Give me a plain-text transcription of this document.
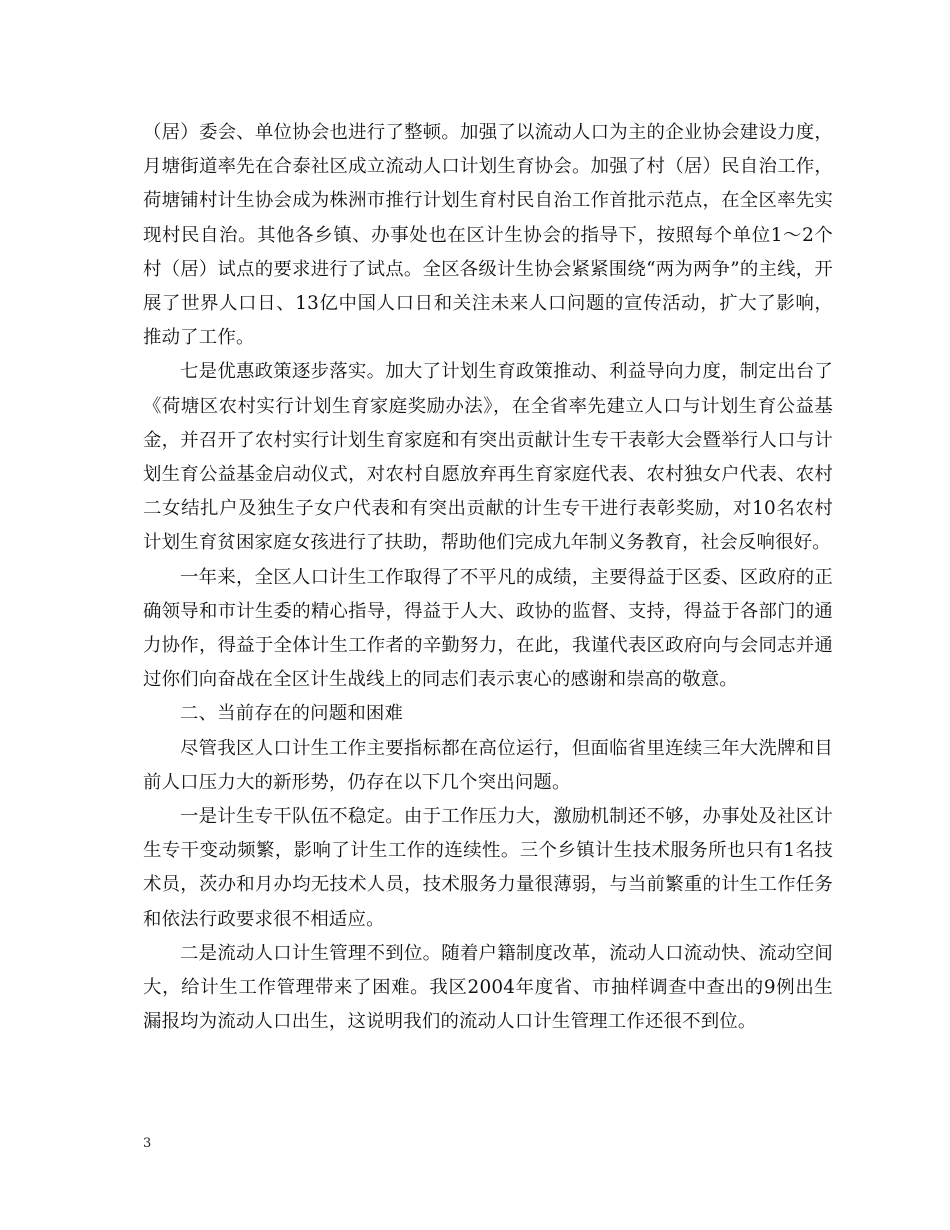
（居）委会、单位协会也进行了整顿。加强了以流动人口为主的企业协会建设力度，月塘街道率先在合泰社区成立流动人口计划生育协会。加强了村（居）民自治工作，荷塘铺村计生协会成为株洲市推行计划生育村民自治工作首批示范点，在全区率先实现村民自治。其他各乡镇、办事处也在区计生协会的指导下，按照每个单位1～2个村（居）试点的要求进行了试点。全区各级计生协会紧紧围绕“两为两争”的主线，开展了世界人口日、13亿中国人口日和关注未来人口问题的宣传活动，扩大了影响，推动了工作。

七是优惠政策逐步落实。加大了计划生育政策推动、利益导向力度，制定出台了《荷塘区农村实行计划生育家庭奖励办法》，在全省率先建立人口与计划生育公益基金，并召开了农村实行计划生育家庭和有突出贡献计生专干表彰大会暨举行人口与计划生育公益基金启动仪式，对农村自愿放弃再生育家庭代表、农村独女户代表、农村二女结扎户及独生子女户代表和有突出贡献的计生专干进行表彰奖励，对10名农村计划生育贫困家庭女孩进行了扶助，帮助他们完成九年制义务教育，社会反响很好。

一年来，全区人口计生工作取得了不平凡的成绩，主要得益于区委、区政府的正确领导和市计生委的精心指导，得益于人大、政协的监督、支持，得益于各部门的通力协作，得益于全体计生工作者的辛勤努力，在此，我谨代表区政府向与会同志并通过你们向奋战在全区计生战线上的同志们表示衷心的感谢和崇高的敬意。

二、当前存在的问题和困难

尽管我区人口计生工作主要指标都在高位运行，但面临省里连续三年大洗牌和目前人口压力大的新形势，仍存在以下几个突出问题。

一是计生专干队伍不稳定。由于工作压力大，激励机制还不够，办事处及社区计生专干变动频繁，影响了计生工作的连续性。三个乡镇计生技术服务所也只有1名技术员，茨办和月办均无技术人员，技术服务力量很薄弱，与当前繁重的计生工作任务和依法行政要求很不相适应。

二是流动人口计生管理不到位。随着户籍制度改革，流动人口流动快、流动空间大，给计生工作管理带来了困难。我区2004年度省、市抽样调查中查出的9例出生漏报均为流动人口出生，这说明我们的流动人口计生管理工作还很不到位。

3
